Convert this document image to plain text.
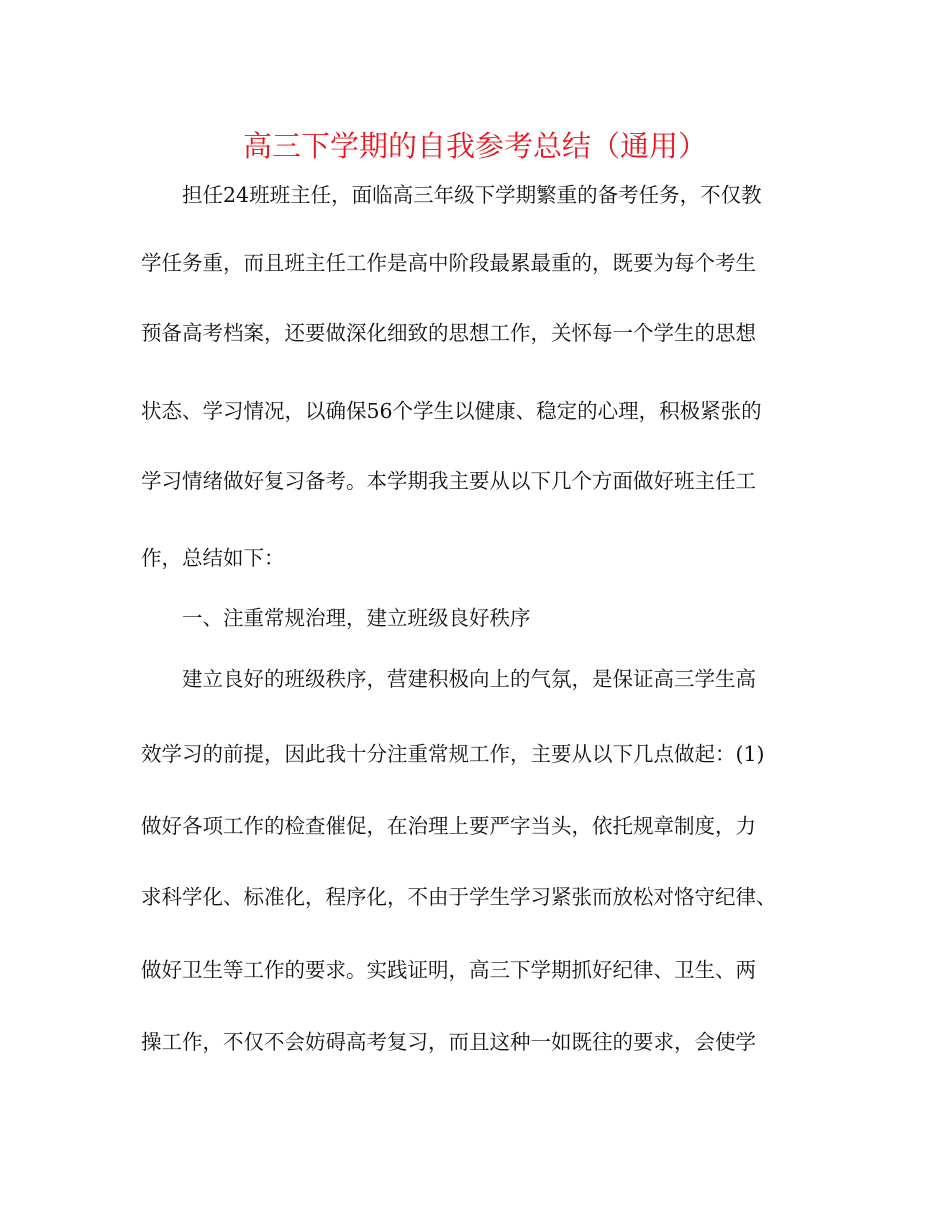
高三下学期的自我参考总结（通用）
　　担任24班班主任，面临高三年级下学期繁重的备考任务，不仅教
学任务重，而且班主任工作是高中阶段最累最重的，既要为每个考生
预备高考档案，还要做深化细致的思想工作，关怀每一个学生的思想
状态、学习情况，以确保56个学生以健康、稳定的心理，积极紧张的
学习情绪做好复习备考。本学期我主要从以下几个方面做好班主任工
作，总结如下：
　　一、注重常规治理，建立班级良好秩序
　　建立良好的班级秩序，营建积极向上的气氛，是保证高三学生高
效学习的前提，因此我十分注重常规工作，主要从以下几点做起：(1)
做好各项工作的检查催促，在治理上要严字当头，依托规章制度，力
求科学化、标准化，程序化，不由于学生学习紧张而放松对恪守纪律、
做好卫生等工作的要求。实践证明，高三下学期抓好纪律、卫生、两
操工作，不仅不会妨碍高考复习，而且这种一如既往的要求，会使学
